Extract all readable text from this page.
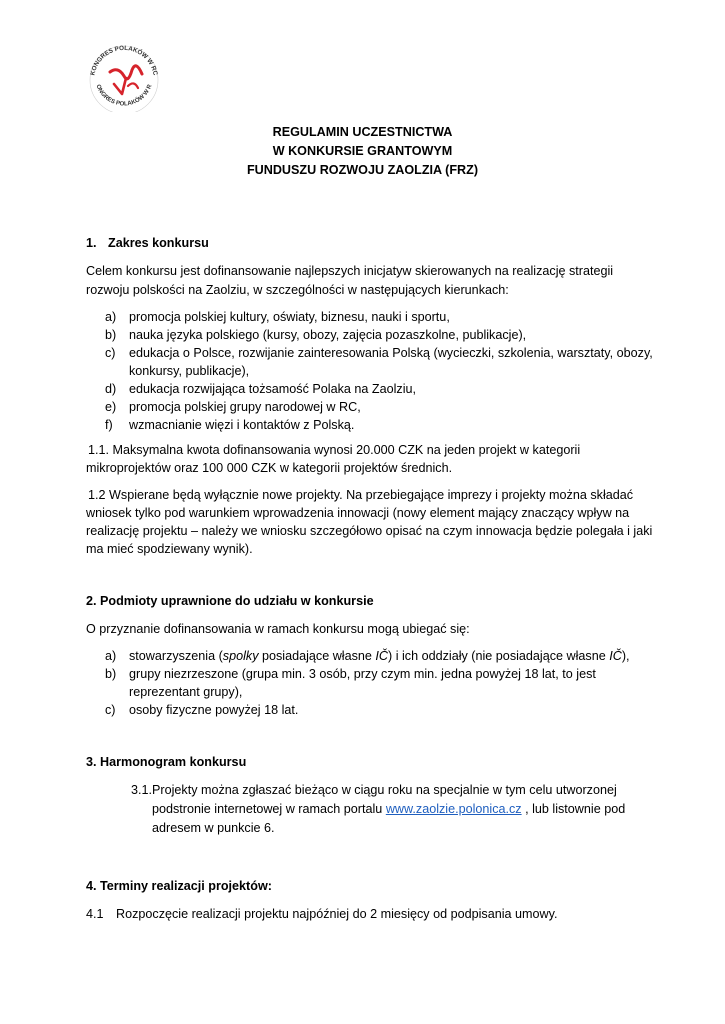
KONGRES POLAKÓW W RC
ONGRES POLAKÓW W R
REGULAMIN UCZESTNICTWA
W KONKURSIE GRANTOWYM
FUNDUSZU ROZWOJU ZAOLZIA (FRZ)
1. Zakres konkursu
Celem konkursu jest dofinansowanie najlepszych inicjatyw skierowanych na realizację strategii
rozwoju polskości na Zaolziu, w szczególności w następujących kierunkach:
a) promocja polskiej kultury, oświaty, biznesu, nauki i sportu,
b) nauka języka polskiego (kursy, obozy, zajęcia pozaszkolne, publikacje),
c) edukacja o Polsce, rozwijanie zainteresowania Polską (wycieczki, szkolenia, warsztaty, obozy,
konkursy, publikacje),
d) edukacja rozwijająca tożsamość Polaka na Zaolziu,
e) promocja polskiej grupy narodowej w RC,
f) wzmacnianie więzi i kontaktów z Polską.
1.1. Maksymalna kwota dofinansowania wynosi 20.000 CZK na jeden projekt w kategorii
mikroprojektów oraz 100 000 CZK w kategorii projektów średnich.
1.2 Wspierane będą wyłącznie nowe projekty. Na przebiegające imprezy i projekty można składać
wniosek tylko pod warunkiem wprowadzenia innowacji (nowy element mający znaczący wpływ na
realizację projektu – należy we wniosku szczegółowo opisać na czym innowacja będzie polegała i jaki
ma mieć spodziewany wynik).
2. Podmioty uprawnione do udziału w konkursie
O przyznanie dofinansowania w ramach konkursu mogą ubiegać się:
a) stowarzyszenia (spolky posiadające własne IČ) i ich oddziały (nie posiadające własne IČ),
b) grupy niezrzeszone (grupa min. 3 osób, przy czym min. jedna powyżej 18 lat, to jest
reprezentant grupy),
c) osoby fizyczne powyżej 18 lat.
3. Harmonogram konkursu
3.1. Projekty można zgłaszać bieżąco w ciągu roku na specjalnie w tym celu utworzonej
podstronie internetowej w ramach portalu www.zaolzie.polonica.cz , lub listownie pod
adresem w punkcie 6.
4. Terminy realizacji projektów:
4.1 Rozpoczęcie realizacji projektu najpóźniej do 2 miesięcy od podpisania umowy.
